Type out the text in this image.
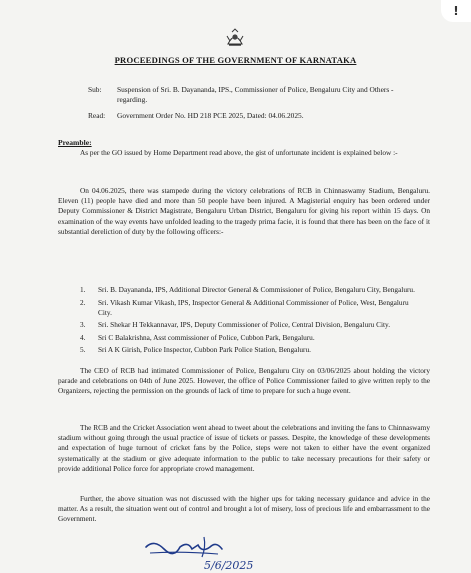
!
PROCEEDINGS OF THE GOVERNMENT OF KARNATAKA
Sub:	Suspension of Sri. B. Dayananda, IPS., Commissioner of Police, Bengaluru City and Others - regarding.
Read:	Government Order No. HD 218 PCE 2025, Dated: 04.06.2025.
Preamble:

As per the GO issued by Home Department read above, the gist of unfortunate incident is explained below :-

On 04.06.2025, there was stampede during the victory celebrations of RCB in Chinnaswamy Stadium, Bengaluru. Eleven (11) people have died and more than 50 people have been injured. A Magisterial enquiry has been ordered under Deputy Commissioner & District Magistrate, Bengaluru Urban District, Bengaluru for giving his report within 15 days. On examination of the way events have unfolded leading to the tragedy prima facie, it is found that there has been on the face of it substantial dereliction of duty by the following officers:-

1. Sri. B. Dayananda, IPS, Additional Director General & Commissioner of Police, Bengaluru City, Bengaluru.
2. Sri. Vikash Kumar Vikash, IPS, Inspector General & Additional Commissioner of Police, West, Bengaluru City.
3. Sri. Shekar H Tekkannavar, IPS, Deputy Commissioner of Police, Central Division, Bengaluru City.
4. Sri C Balakrishna, Asst commissioner of Police, Cubbon Park, Bengaluru.
5. Sri A K Girish, Police Inspector, Cubbon Park Police Station, Bengaluru.

The CEO of RCB had intimated Commissioner of Police, Bengaluru City on 03/06/2025 about holding the victory parade and celebrations on 04th of June 2025. However, the office of Police Commissioner failed to give written reply to the Organizers, rejecting the permission on the grounds of lack of time to prepare for such a huge event.

The RCB and the Cricket Association went ahead to tweet about the celebrations and inviting the fans to Chinnaswamy stadium without going through the usual practice of issue of tickets or passes. Despite, the knowledge of these developments and expectation of huge turnout of cricket fans by the Police, steps were not taken to either have the event organized systematically at the stadium or give adequate information to the public to take necessary precautions for their safety or provide additional Police force for appropriate crowd management.

Further, the above situation was not discussed with the higher ups for taking necessary guidance and advice in the matter. As a result, the situation went out of control and brought a lot of misery, loss of precious life and embarrassment to the Government.

5/6/2025
